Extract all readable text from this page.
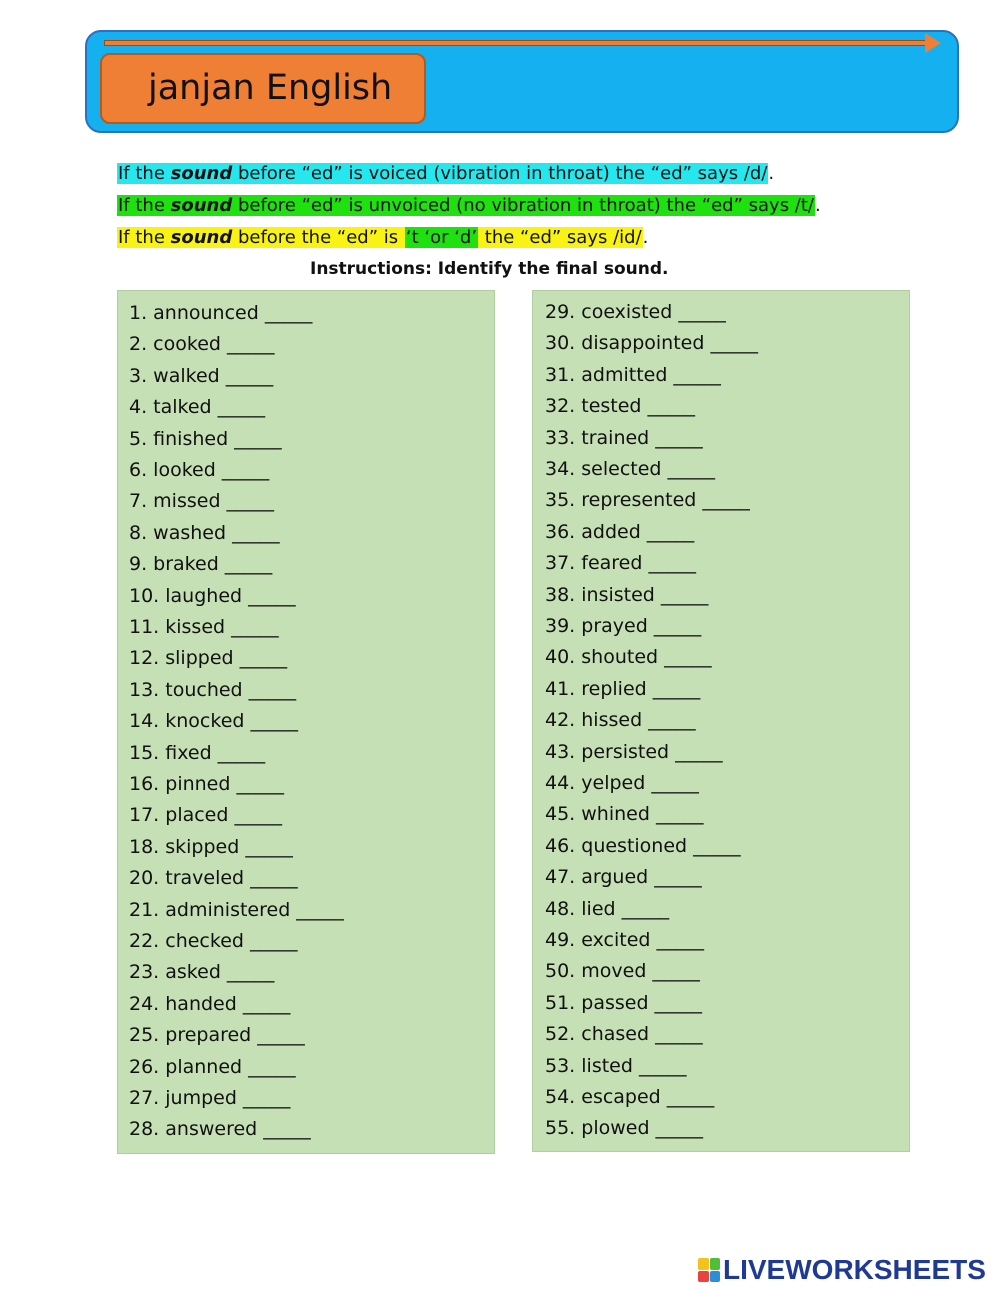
janjan English
If the sound before “ed” is voiced (vibration in throat) the “ed” says /d/.
If the sound before “ed” is unvoiced (no vibration in throat) the “ed” says /t/.
If the sound before the “ed” is ‘t ‘or ‘d’ the “ed” says /id/.
Instructions: Identify the final sound.
1. announced _____
2. cooked _____
3. walked _____
4. talked _____
5. finished _____
6. looked _____
7. missed _____
8. washed _____
9. braked _____
10. laughed _____
11. kissed _____
12. slipped _____
13. touched _____
14. knocked _____
15. fixed _____
16. pinned _____
17. placed _____
18. skipped _____
20. traveled _____
21. administered _____
22. checked _____
23. asked _____
24. handed _____
25. prepared _____
26. planned _____
27. jumped _____
28. answered _____
29. coexisted _____
30. disappointed _____
31. admitted _____
32. tested _____
33. trained _____
34. selected _____
35. represented _____
36. added _____
37. feared _____
38. insisted _____
39. prayed _____
40. shouted _____
41. replied _____
42. hissed _____
43. persisted _____
44. yelped _____
45. whined _____
46. questioned _____
47. argued _____
48. lied _____
49. excited _____
50. moved _____
51. passed _____
52. chased _____
53. listed _____
54. escaped _____
55. plowed _____
LIVEWORKSHEETS
